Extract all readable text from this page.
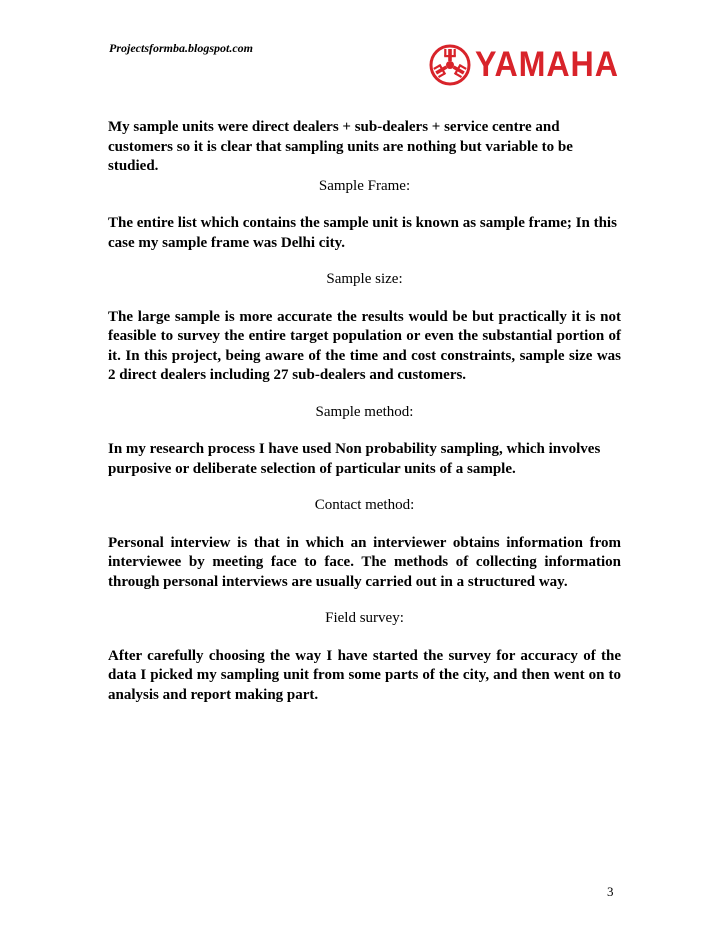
Projectsformba.blogspot.com	YAMAHA

My sample units were direct dealers + sub-dealers + service centre and customers so it is clear that sampling units are nothing but variable to be studied.

Sample Frame:

The entire list which contains the sample unit is known as sample frame; In this case my sample frame was Delhi city.

Sample size:

The large sample is more accurate the results would be but practically it is not feasible to survey the entire target population or even the substantial portion of it. In this project, being aware of the time and cost constraints, sample size was 2 direct dealers including 27 sub-dealers and customers.

Sample method:

In my research process I have used Non probability sampling, which involves purposive or deliberate selection of particular units of a sample.

Contact method:

Personal interview is that in which an interviewer obtains information from interviewee by meeting face to face. The methods of collecting information through personal interviews are usually carried out in a structured way.

Field survey:

After carefully choosing the way I have started the survey for accuracy of the data I picked my sampling unit from some parts of the city, and then went on to analysis and report making part.

3
